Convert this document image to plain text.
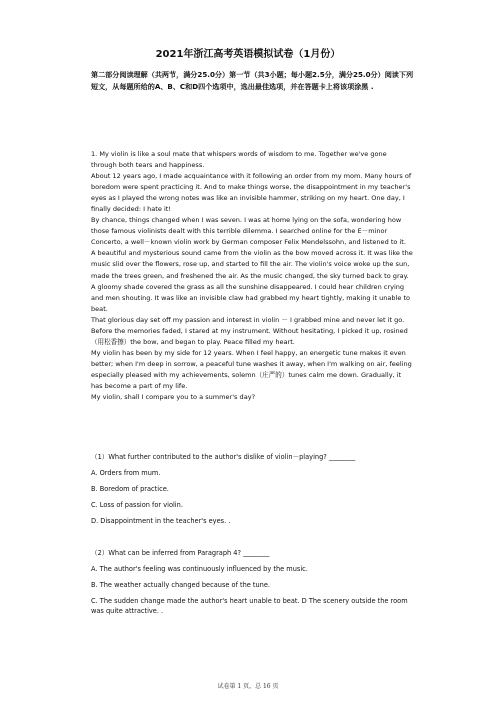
2021年浙江高考英语模拟试卷（1月份）
第二部分阅读理解（共两节，满分25.0分）第一节（共3小题；每小题2.5分，满分25.0分）阅读下列短文，从每题所给的A、B、C和D四个选项中，选出最佳选项，并在答题卡上将该项涂黑 .

1. My violin is like a soul mate that whispers words of wisdom to me. Together we've gone through both tears and happiness.

About 12 years ago, I made acquaintance with it following an order from my mom. Many hours of boredom were spent practicing it. And to make things worse, the disappointment in my teacher's eyes as I played the wrong notes was like an invisible hammer, striking on my heart. One day, I finally decided: I hate it!

By chance, things changed when I was seven. I was at home lying on the sofa, wondering how those famous violinists dealt with this terrible dilemma. I searched online for the E－minor Concerto, a well－known violin work by German composer Felix Mendelssohn, and listened to it.

A beautiful and mysterious sound came from the violin as the bow moved across it. It was like the music slid over the flowers, rose up, and started to fill the air. The violin's voice woke up the sun, made the trees green, and freshened the air. As the music changed, the sky turned back to gray. A gloomy shade covered the grass as all the sunshine disappeared. I could hear children crying and men shouting. It was like an invisible claw had grabbed my heart tightly, making it unable to beat.

That glorious day set off my passion and interest in violin － I grabbed mine and never let it go. Before the memories faded, I stared at my instrument. Without hesitating, I picked it up, rosined（用松香擦）the bow, and began to play. Peace filled my heart.

My violin has been by my side for 12 years. When I feel happy, an energetic tune makes it even better; when I'm deep in sorrow, a peaceful tune washes it away, when I'm walking on air, feeling especially pleased with my achievements, solemn（庄严的）tunes calm me down. Gradually, it has become a part of my life.

My violin, shall I compare you to a summer's day?

（1）What further contributed to the author's dislike of violin－playing? ________

A. Orders from mum.

B. Boredom of practice.

C. Loss of passion for violin.

D. Disappointment in the teacher's eyes. .

（2）What can be inferred from Paragraph 4? ________

A. The author's feeling was continuously influenced by the music.

B. The weather actually changed because of the tune.

C. The sudden change made the author's heart unable to beat. D The scenery outside the room was quite attractive. .

试卷第 1 页，总 16 页
